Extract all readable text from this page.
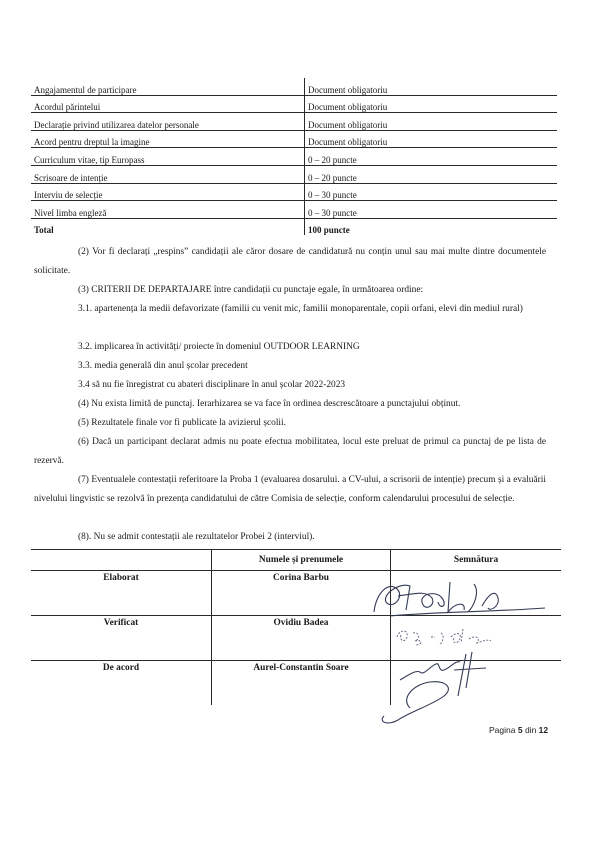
Angajamentul de participare	Document obligatoriu
Acordul părintelui	Document obligatoriu
Declarație privind utilizarea datelor personale	Document obligatoriu
Acord pentru dreptul la imagine	Document obligatoriu
Curriculum vitae, tip Europass	0 – 20 puncte
Scrisoare de intenție	0 – 20 puncte
Interviu de selecție	0 – 30 puncte
Nivel limba engleză	0 – 30 puncte
Total	100 puncte

(2) Vor fi declarați „respins” candidații ale căror dosare de candidatură nu conțin unul sau mai multe dintre documentele solicitate.

(3) CRITERII DE DEPARTAJARE între candidații cu punctaje egale, în următoarea ordine:

3.1. apartenența la medii defavorizate (familii cu venit mic, familii monoparentale, copii orfani, elevi din mediul rural)

3.2. implicarea în activități/ proiecte în domeniul OUTDOOR LEARNING

3.3. media generală din anul școlar precedent

3.4 să nu fie înregistrat cu abateri disciplinare în anul școlar 2022-2023

(4) Nu exista limită de punctaj. Ierarhizarea se va face în ordinea descrescătoare a punctajului obținut.

(5) Rezultatele finale vor fi publicate la avizierul școlii.

(6) Dacă un participant declarat admis nu poate efectua mobilitatea, locul este preluat de primul ca punctaj de pe lista de rezervă.

(7) Eventualele contestații referitoare la Proba 1 (evaluarea dosarului. a CV-ului, a scrisorii de intenție) precum și a evaluării nivelului lingvistic se rezolvă în prezența candidatului de către Comisia de selecție, conform calendarului procesului de selecție.

(8). Nu se admit contestații ale rezultatelor Probei 2 (interviul).

	Numele și prenumele	Semnătura
Elaborat	Corina Barbu	
Verificat	Ovidiu Badea	
De acord	Aurel-Constantin Soare	
Pagina 5 din 12
